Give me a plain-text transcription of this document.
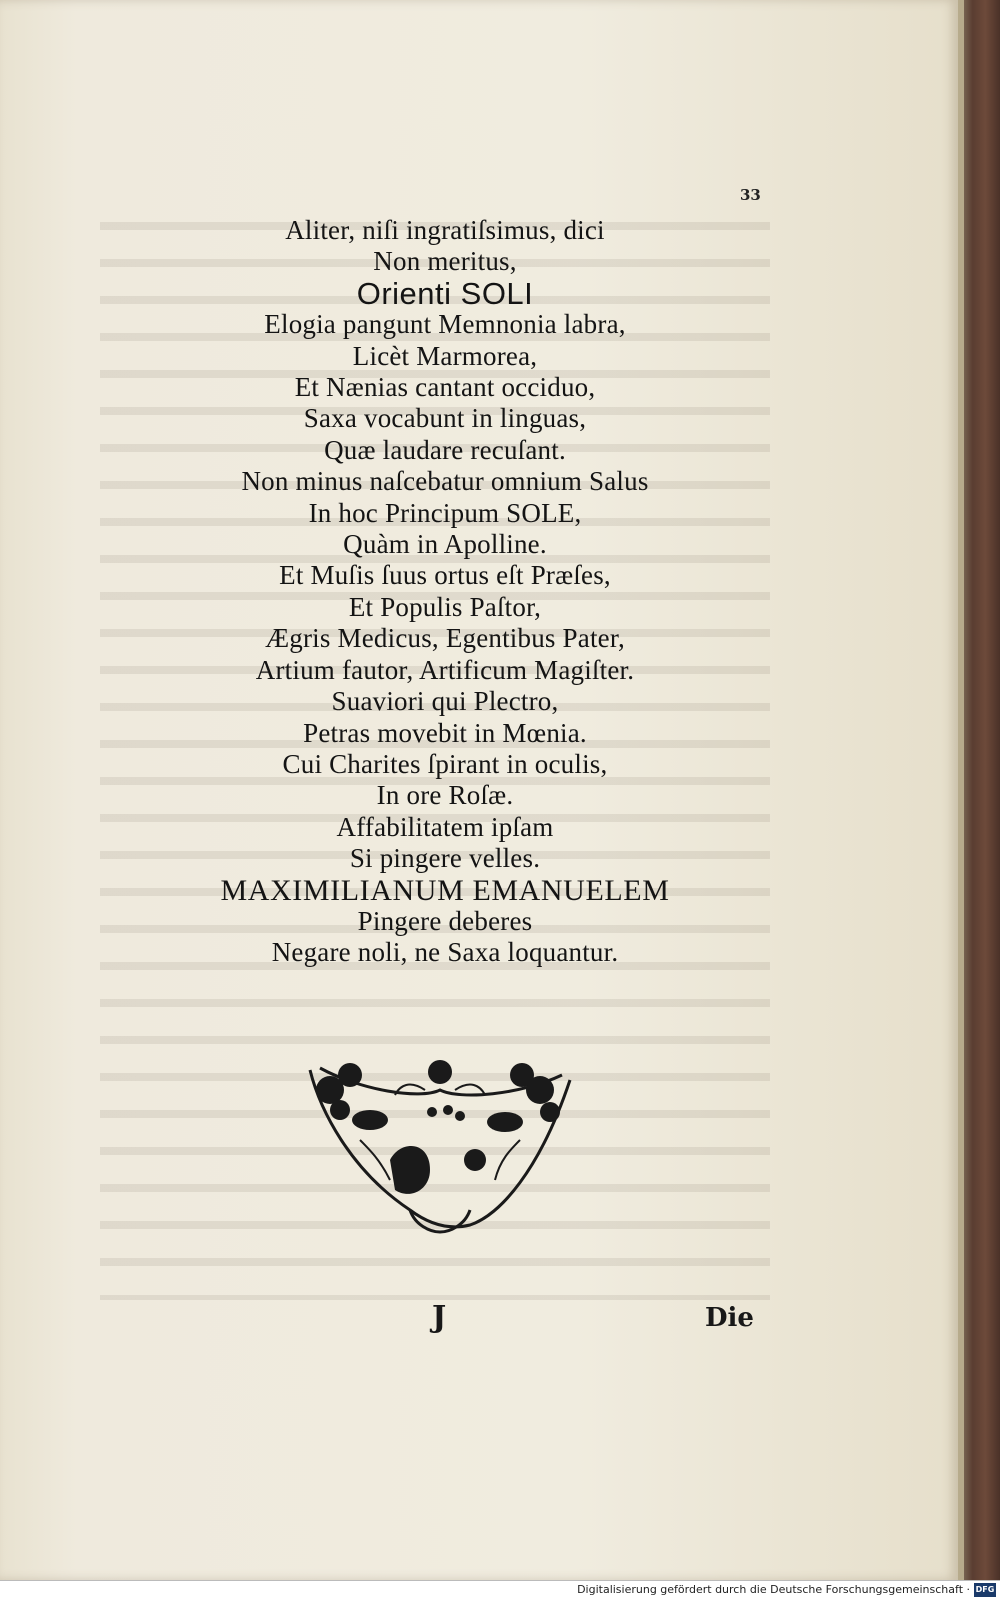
33
Aliter, niſi ingratiſsimus, dici
Non meritus,
Orienti SOLI
Elogia pangunt Memnonia labra,
Licèt Marmorea,
Et Nænias cantant occiduo,
Saxa vocabunt in linguas,
Quæ laudare recuſant.
Non minus naſcebatur omnium Salus
In hoc Principum SOLE,
Quàm in Apolline.
Et Muſis ſuus ortus eſt Præſes,
Et Populis Paſtor,
Ægris Medicus, Egentibus Pater,
Artium fautor, Artificum Magiſter.
Suaviori qui Plectro,
Petras movebit in Mœnia.
Cui Charites ſpirant in oculis,
In ore Roſæ.
Affabilitatem ipſam
Si pingere velles.
MAXIMILIANUM EMANUELEM
Pingere deberes
Negare noli, ne Saxa loquantur.
J	Die
Digitalisierung gefördert durch die Deutsche Forschungsgemeinschaft · DFG
